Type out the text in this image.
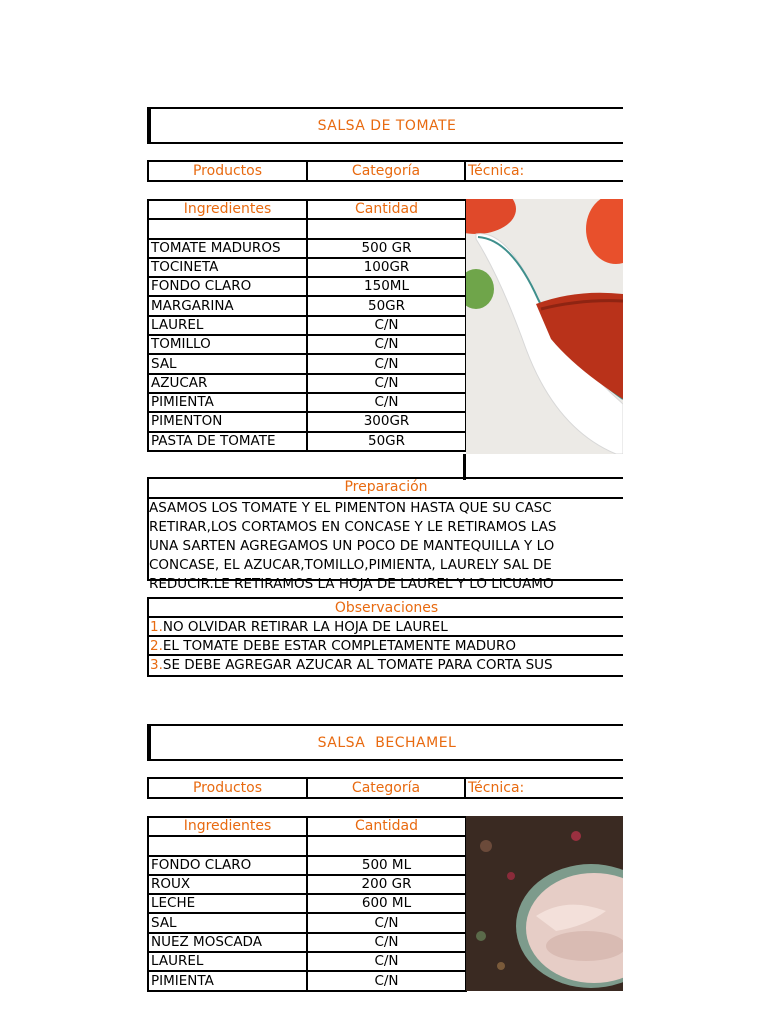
SALSA DE TOMATE
Productos	Categoría	Técnica:
Ingredientes	Cantidad

TOMATE MADUROS	500 GR
TOCINETA	100GR
FONDO CLARO	150ML
MARGARINA	50GR
LAUREL	C/N
TOMILLO	C/N
SAL	C/N
AZUCAR	C/N
PIMIENTA	C/N
PIMENTON	300GR
PASTA DE TOMATE	50GR
Preparación
ASAMOS LOS TOMATE Y EL PIMENTON HASTA QUE SU CASC
RETIRAR,LOS CORTAMOS EN CONCASE Y LE RETIRAMOS LAS
UNA SARTEN AGREGAMOS UN POCO DE MANTEQUILLA Y LO
CONCASE, EL AZUCAR,TOMILLO,PIMIENTA, LAURELY SAL DE
REDUCIR.LE RETIRAMOS LA HOJA DE LAUREL Y LO LICUAMO
Observaciones
1.NO OLVIDAR RETIRAR LA HOJA DE LAUREL
2.EL TOMATE DEBE ESTAR COMPLETAMENTE MADURO
3.SE DEBE AGREGAR AZUCAR AL TOMATE PARA CORTA SUS
SALSA  BECHAMEL
Productos	Categoría	Técnica:
Ingredientes	Cantidad

FONDO CLARO	500 ML
ROUX	200 GR
LECHE	600 ML
SAL	C/N
NUEZ MOSCADA	C/N
LAUREL	C/N
PIMIENTA	C/N
